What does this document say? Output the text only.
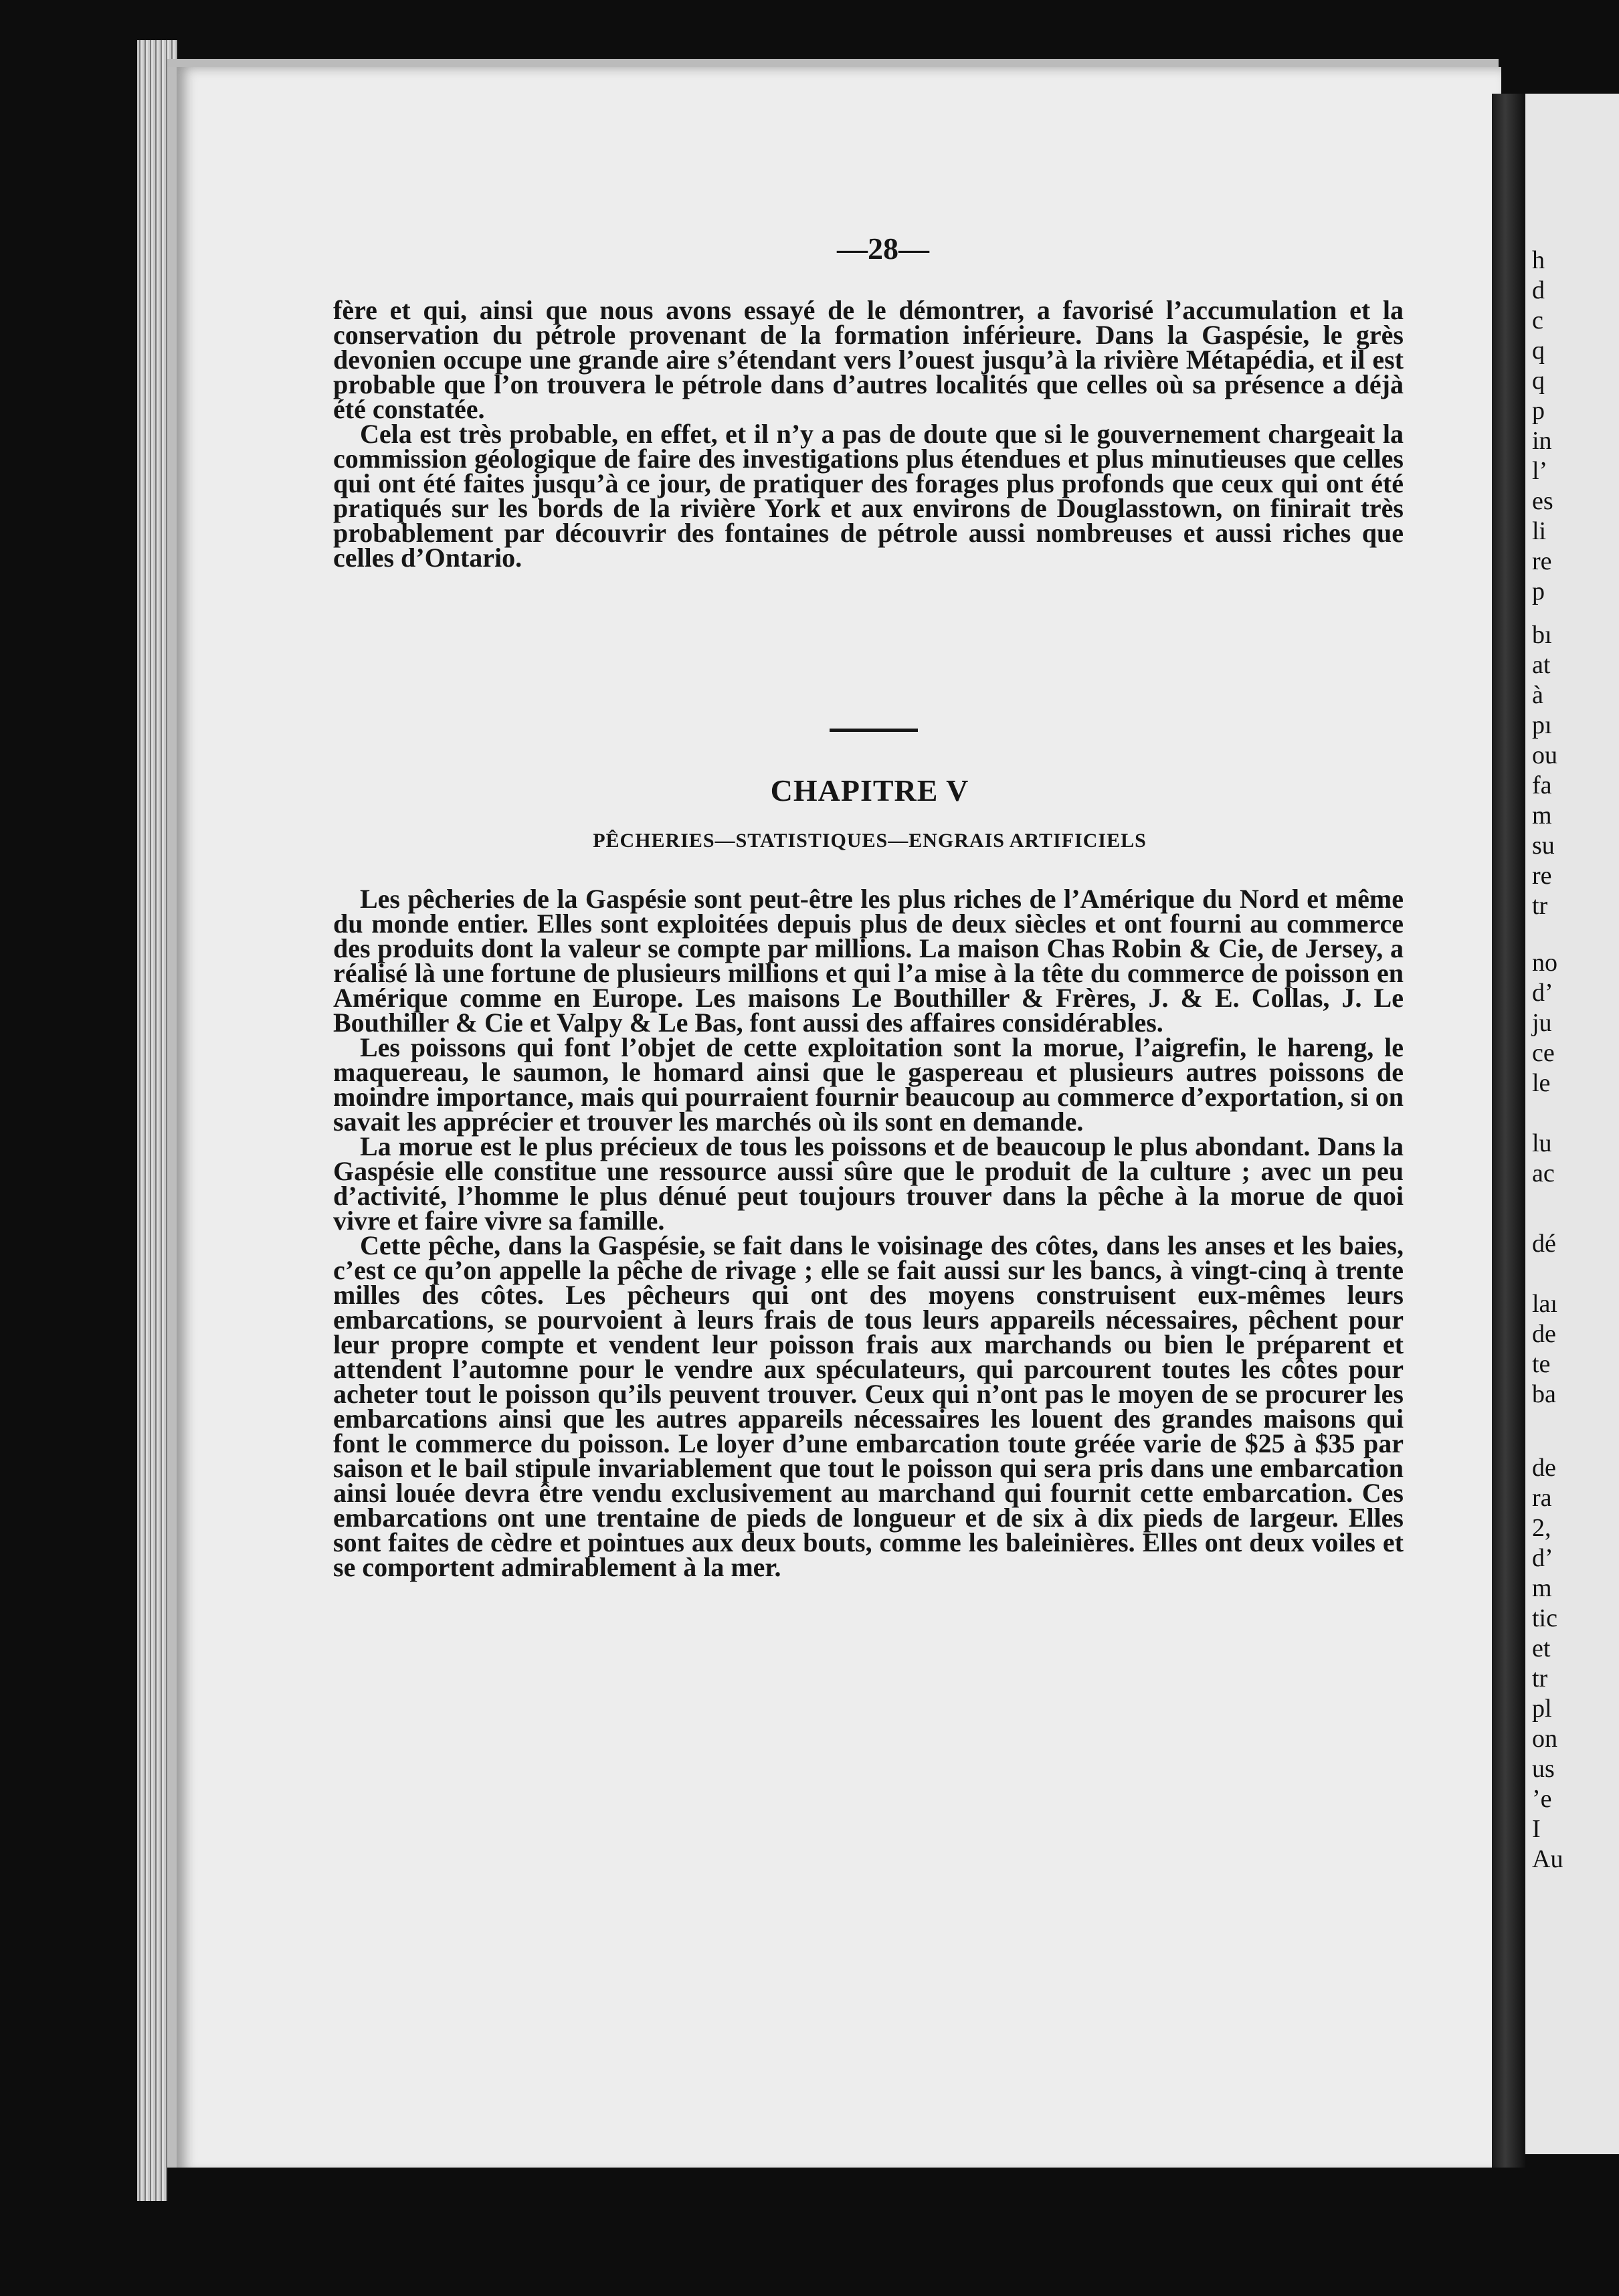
h
d
c
q
q
p
in
l’
es
li
re
p
bı
at
à
pı
ou
fa
m
su
re
tr
no
d’
ju
ce
le
lu
ac
dé
laı
de
te
ba
de
ra
2,
d’
m
tic
et
tr
pl
on
us
’e
I
Au
—28—

fère et qui, ainsi que nous avons essayé de le démontrer, a favorisé l’accumulation et la conservation du pétrole provenant de la formation inférieure. Dans la Gaspésie, le grès devonien occupe une grande aire s’étendant vers l’ouest jusqu’à la rivière Métapédia, et il est probable que l’on trouvera le pétrole dans d’autres localités que celles où sa présence a déjà été constatée.

Cela est très probable, en effet, et il n’y a pas de doute que si le gouvernement chargeait la commission géologique de faire des investigations plus étendues et plus minutieuses que celles qui ont été faites jusqu’à ce jour, de pratiquer des forages plus profonds que ceux qui ont été pratiqués sur les bords de la rivière York et aux environs de Douglasstown, on finirait très probablement par découvrir des fontaines de pétrole aussi nombreuses et aussi riches que celles d’Ontario.

CHAPITRE V
PÊCHERIES—STATISTIQUES—ENGRAIS ARTIFICIELS

Les pêcheries de la Gaspésie sont peut-être les plus riches de l’Amérique du Nord et même du monde entier. Elles sont exploitées depuis plus de deux siècles et ont fourni au commerce des produits dont la valeur se compte par millions. La maison Chas Robin & Cie, de Jersey, a réalisé là une fortune de plusieurs millions et qui l’a mise à la tête du commerce de poisson en Amérique comme en Europe. Les maisons Le Bouthiller & Frères, J. & E. Collas, J. Le Bouthiller & Cie et Valpy & Le Bas, font aussi des affaires considérables.

Les poissons qui font l’objet de cette exploitation sont la morue, l’aigrefin, le hareng, le maquereau, le saumon, le homard ainsi que le gaspereau et plusieurs autres poissons de moindre importance, mais qui pourraient fournir beaucoup au commerce d’exportation, si on savait les apprécier et trouver les marchés où ils sont en demande.

La morue est le plus précieux de tous les poissons et de beaucoup le plus abondant. Dans la Gaspésie elle constitue une ressource aussi sûre que le produit de la culture ; avec un peu d’activité, l’homme le plus dénué peut toujours trouver dans la pêche à la morue de quoi vivre et faire vivre sa famille.

Cette pêche, dans la Gaspésie, se fait dans le voisinage des côtes, dans les anses et les baies, c’est ce qu’on appelle la pêche de rivage ; elle se fait aussi sur les bancs, à vingt-cinq à trente milles des côtes. Les pêcheurs qui ont des moyens construisent eux-mêmes leurs embarcations, se pourvoient à leurs frais de tous leurs appareils nécessaires, pêchent pour leur propre compte et vendent leur poisson frais aux marchands ou bien le préparent et attendent l’automne pour le vendre aux spéculateurs, qui parcourent toutes les côtes pour acheter tout le poisson qu’ils peuvent trouver. Ceux qui n’ont pas le moyen de se procurer les embarcations ainsi que les autres appareils nécessaires les louent des grandes maisons qui font le commerce du poisson. Le loyer d’une embarcation toute gréée varie de $25 à $35 par saison et le bail stipule invariablement que tout le poisson qui sera pris dans une embarcation ainsi louée devra être vendu exclusivement au marchand qui fournit cette embarcation. Ces embarcations ont une trentaine de pieds de longueur et de six à dix pieds de largeur. Elles sont faites de cèdre et pointues aux deux bouts, comme les baleinières. Elles ont deux voiles et se comportent admirablement à la mer.
